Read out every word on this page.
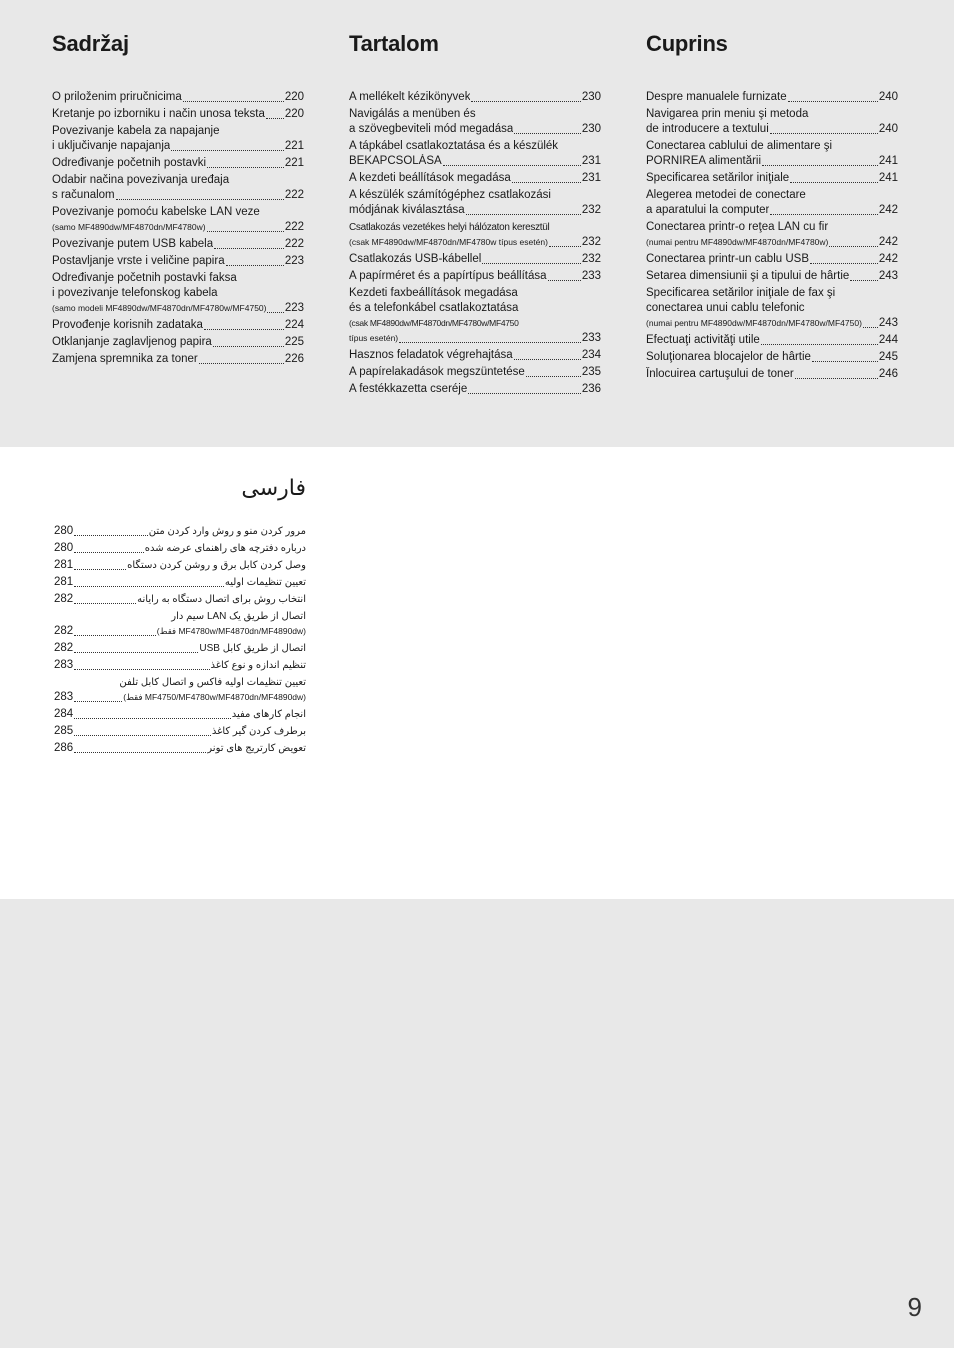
Sadržaj
O priloženim priručnicima	220
Kretanje po izborniku i način unosa teksta 220
Povezivanje kabela za napajanje
i uključivanje napajanja	221
Određivanje početnih postavki	221
Odabir načina povezivanja uređaja
s računalom	222
Povezivanje pomoću kabelske LAN veze
(samo MF4890dw/MF4870dn/MF4780w)	222
Povezivanje putem USB kabela	222
Postavljanje vrste i veličine papira	223
Određivanje početnih postavki faksa
i povezivanje telefonskog kabela
(samo modeli MF4890dw/MF4870dn/MF4780w/MF4750) 223
Provođenje korisnih zadataka	224
Otklanjanje zaglavljenog papira	225
Zamjena spremnika za toner	226
Tartalom
A mellékelt kézikönyvek	230
Navigálás a menüben és
a szövegbeviteli mód megadása	230
A tápkábel csatlakoztatása és a készülék
BEKAPCSOLÁSA	231
A kezdeti beállítások megadása	231
A készülék számítógéphez csatlakozási
módjának kiválasztása	232
Csatlakozás vezetékes helyi hálózaton keresztül
(csak MF4890dw/MF4870dn/MF4780w típus esetén)	232
Csatlakozás USB-kábellel	232
A papírméret és a papírtípus beállítása	233
Kezdeti faxbeállítások megadása
és a telefonkábel csatlakoztatása
(csak MF4890dw/MF4870dn/MF4780w/MF4750
típus esetén)	233
Hasznos feladatok végrehajtása	234
A papírelakadások megszüntetése	235
A festékkazetta cseréje	236
Cuprins
Despre manualele furnizate	240
Navigarea prin meniu şi metoda
de introducere a textului	240
Conectarea cablului de alimentare şi
PORNIREA alimentării	241
Specificarea setărilor iniţiale	241
Alegerea metodei de conectare
a aparatului la computer	242
Conectarea printr-o reţea LAN cu fir
(numai pentru MF4890dw/MF4870dn/MF4780w)	242
Conectarea printr-un cablu USB	242
Setarea dimensiunii şi a tipului de hârtie	243
Specificarea setărilor iniţiale de fax şi
conectarea unui cablu telefonic
(numai pentru MF4890dw/MF4870dn/MF4780w/MF4750) 243
Efectuaţi activităţi utile	244
Soluţionarea blocajelor de hârtie	245
Înlocuirea cartuşului de toner	246
فارسی
280	مرور کردن منو و روش وارد کردن متن
280	درباره دفترچه های راهنمای عرضه شده
281	وصل کردن کابل برق و روشن کردن دستگاه
281	تعیین تنظیمات اولیه
282	انتخاب روش برای اتصال دستگاه به رایانه
اتصال از طریق یک LAN سیم دار
282	(فقط MF4780w/MF4870dn/MF4890dw)
282	اتصال از طریق کابل USB
283	تنظیم اندازه و نوع کاغذ
تعیین تنظیمات اولیه فاکس و اتصال کابل تلفن
283	(فقط MF4750/MF4780w/MF4870dn/MF4890dw)
284	انجام کارهای مفید
285	برطرف کردن گیر کاغذ
286	تعویض کارتریج های تونر
9
